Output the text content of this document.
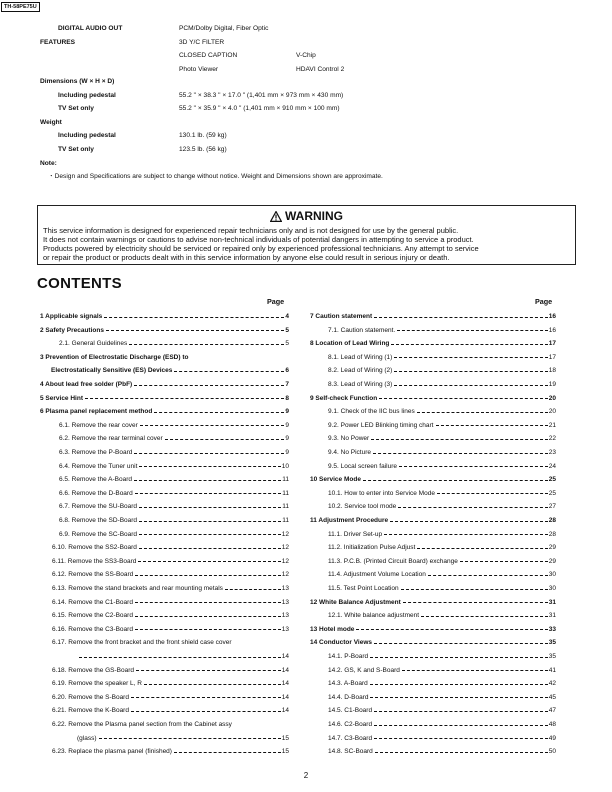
TH-58PE75U
DIGITAL AUDIO OUT	PCM/Dolby Digital, Fiber Optic
FEATURES	3D Y/C FILTER
CLOSED CAPTION	V-Chip
Photo Viewer	HDAVI Control 2
Dimensions (W × H × D)
Including pedestal	55.2 " × 38.3 " × 17.0 " (1,401 mm × 973 mm × 430 mm)
TV Set only	55.2 " × 35.9 " × 4.0 " (1,401 mm × 910 mm × 100 mm)
Weight
Including pedestal	130.1 lb. (59 kg)
TV Set only	123.5 lb. (56 kg)
Note:
・Design and Specifications are subject to change without notice. Weight and Dimensions shown are approximate.
WARNING
This service information is designed for experienced repair technicians only and is not designed for use by the general public.
It does not contain warnings or cautions to advise non-technical individuals of potential dangers in attempting to service a product.
Products powered by electricity should be serviced or repaired only by experienced professional technicians. Any attempt to service
or repair the product or products dealt with in this service information by anyone else could result in serious injury or death.
CONTENTS
Page	Page
1 Applicable signals	4
2 Safety Precautions	5
2.1. General Guidelines	5
3 Prevention of Electrostatic Discharge (ESD) to
Electrostatically Sensitive (ES) Devices	6
4 About lead free solder (PbF)	7
5 Service Hint	8
6 Plasma panel replacement method	9
6.1. Remove the rear cover	9
6.2. Remove the rear terminal cover	9
6.3. Remove the P-Board	9
6.4. Remove the Tuner unit	10
6.5. Remove the A-Board	11
6.6. Remove the D-Board	11
6.7. Remove the SU-Board	11
6.8. Remove the SD-Board	11
6.9. Remove the SC-Board	12
6.10. Remove the SS2-Board	12
6.11. Remove the SS3-Board	12
6.12. Remove the SS-Board	12
6.13. Remove the stand brackets and rear mounting metals	13
6.14. Remove the C1-Board	13
6.15. Remove the C2-Board	13
6.16. Remove the C3-Board	13
6.17. Remove the front bracket and the front shield case cover
14
6.18. Remove the GS-Board	14
6.19. Remove the speaker L, R	14
6.20. Remove the S-Board	14
6.21. Remove the K-Board	14
6.22. Remove the Plasma panel section from the Cabinet assy
(glass)	15
6.23. Replace the plasma panel (finished)	15
7 Caution statement	16
7.1. Caution statement.	16
8 Location of Lead Wiring	17
8.1. Lead of Wiring (1)	17
8.2. Lead of Wiring (2)	18
8.3. Lead of Wiring (3)	19
9 Self-check Function	20
9.1. Check of the IIC bus lines	20
9.2. Power LED Blinking timing chart	21
9.3. No Power	22
9.4. No Picture	23
9.5. Local screen failure	24
10 Service Mode	25
10.1. How to enter into Service Mode	25
10.2. Service tool mode	27
11 Adjustment Procedure	28
11.1. Driver Set-up	28
11.2. Initialization Pulse Adjust	29
11.3. P.C.B. (Printed Circuit Board) exchange	29
11.4. Adjustment Volume Location	30
11.5. Test Point Location	30
12 White Balance Adjustment	31
12.1. White balance adjustment	31
13 Hotel mode	33
14 Conductor Views	35
14.1. P-Board	35
14.2. GS, K and S-Board	41
14.3. A-Board	42
14.4. D-Board	45
14.5. C1-Board	47
14.6. C2-Board	48
14.7. C3-Board	49
14.8. SC-Board	50
2
